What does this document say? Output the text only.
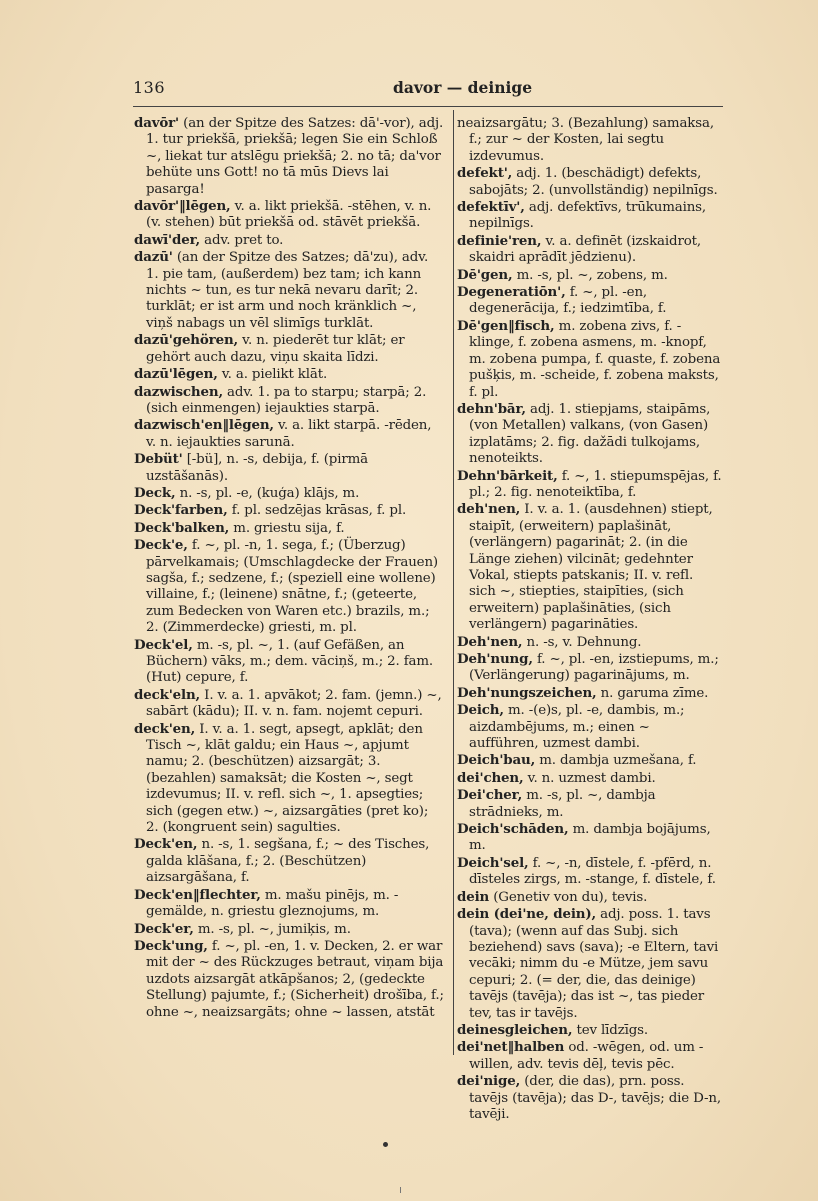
136	davor — deinige

davōr' (an der Spitze des Satzes: dā'-vor), adj. 1. tur priekšā, priekšā; legen Sie ein Schloß ~, liekat tur atslēgu priekšā; 2. no tā; da'vor behüte uns Gott! no tā mūs Dievs lai pasarga!

davōr'‖lēgen, v. a. likt priekšā. -stēhen, v. n. (v. stehen) būt priekšā od. stāvēt priekšā.

dawī'der, adv. pret to.

dazū' (an der Spitze des Satzes; dā'zu), adv. 1. pie tam, (außerdem) bez tam; ich kann nichts ~ tun, es tur nekā nevaru darīt; 2. turklāt; er ist arm und noch kränklich ~, viņš nabags un vēl slimīgs turklāt.

dazū'gehören, v. n. piederēt tur klāt; er gehört auch dazu, viņu skaita līdzi.

dazū'lēgen, v. a. pielikt klāt.

dazwischen, adv. 1. pa to starpu; starpā; 2. (sich einmengen) iejaukties starpā.

dazwisch'en‖lēgen, v. a. likt starpā. -rēden, v. n. iejaukties sarunā.

Debüt' [-bü], n. -s, debija, f. (pirmā uzstāšanās).

Deck, n. -s, pl. -e, (kuģa) klājs, m.

Deck'farben, f. pl. sedzējas krāsas, f. pl.

Deck'balken, m. griestu sija, f.

Deck'e, f. ~, pl. -n, 1. sega, f.; (Überzug) pārvelkamais; (Umschlagdecke der Frauen) sagša, f.; sedzene, f.; (speziell eine wollene) villaine, f.; (leinene) snātne, f.; (geteerte, zum Bedecken von Waren etc.) brazils, m.; 2. (Zimmerdecke) griesti, m. pl.

Deck'el, m. -s, pl. ~, 1. (auf Gefäßen, an Büchern) vāks, m.; dem. vāciņš, m.; 2. fam. (Hut) cepure, f.

deck'eln, I. v. a. 1. apvākot; 2. fam. (jemn.) ~, sabārt (kādu); II. v. n. fam. nojemt cepuri.

deck'en, I. v. a. 1. segt, apsegt, apklāt; den Tisch ~, klāt galdu; ein Haus ~, apjumt namu; 2. (beschützen) aizsargāt; 3. (bezahlen) samaksāt; die Kosten ~, segt izdevumus; II. v. refl. sich ~, 1. apsegties; sich (gegen etw.) ~, aizsargāties (pret ko); 2. (kongruent sein) sagulties.

Deck'en, n. -s, 1. segšana, f.; ~ des Tisches, galda klāšana, f.; 2. (Beschützen) aizsargāšana, f.

Deck'en‖flechter, m. mašu pinējs, m. -gemälde, n. griestu gleznojums, m.

Deck'er, m. -s, pl. ~, jumiķis, m.

Deck'ung, f. ~, pl. -en, 1. v. Decken, 2. er war mit der ~ des Rückzuges betraut, viņam bija uzdots aizsargāt atkāpšanos; 2, (gedeckte Stellung) pajumte, f.; (Sicherheit) drošība, f.; ohne ~, neaizsargāts; ohne ~ lassen, atstāt

neaizsargātu; 3. (Bezahlung) samaksa, f.; zur ~ der Kosten, lai segtu izdevumus.

defekt', adj. 1. (beschädigt) defekts, sabojāts; 2. (unvollständig) nepilnīgs.

defektīv', adj. defektīvs, trūkumains, nepilnīgs.

definie'ren, v. a. definēt (izskaidrot, skaidri aprādīt jēdzienu).

Dē'gen, m. -s, pl. ~, zobens, m.

Degeneratiōn', f. ~, pl. -en, degenerācija, f.; iedzimtība, f.

Dē'gen‖fisch, m. zobena zivs, f. -klinge, f. zobena asmens, m. -knopf, m. zobena pumpa, f. quaste, f. zobena pušķis, m. -scheide, f. zobena maksts, f. pl.

dehn'bār, adj. 1. stiepjams, staipāms, (von Metallen) valkans, (von Gasen) izplatāms; 2. fig. dažādi tulkojams, nenoteikts.

Dehn'bārkeit, f. ~, 1. stiepumspējas, f. pl.; 2. fig. nenoteiktība, f.

deh'nen, I. v. a. 1. (ausdehnen) stiept, staipīt, (erweitern) paplašināt, (verlängern) pagarināt; 2. (in die Länge ziehen) vilcināt; gedehnter Vokal, stiepts patskanis; II. v. refl. sich ~, stiepties, staipīties, (sich erweitern) paplašināties, (sich verlängern) pagarināties.

Deh'nen, n. -s, v. Dehnung.

Deh'nung, f. ~, pl. -en, izstiepums, m.; (Verlängerung) pagarinājums, m.

Deh'nungszeichen, n. garuma zīme.

Deich, m. -(e)s, pl. -e, dambis, m.; aizdambējums, m.; einen ~ aufführen, uzmest dambi.

Deich'bau, m. dambja uzmešana, f.

dei'chen, v. n. uzmest dambi.

Dei'cher, m. -s, pl. ~, dambja strādnieks, m.

Deich'schāden, m. dambja bojājums, m.

Deich'sel, f. ~, -n, dīstele, f. -pfērd, n. dīsteles zirgs, m. -stange, f. dīstele, f.

dein (Genetiv von du), tevis.

dein (dei'ne, dein), adj. poss. 1. tavs (tava); (wenn auf das Subj. sich beziehend) savs (sava); -e Eltern, tavi vecāki; nimm du -e Mütze, jem savu cepuri; 2. (= der, die, das deinige) tavējs (tavēja); das ist ~, tas pieder tev, tas ir tavējs.

deinesgleichen, tev līdzīgs.

dei'net‖halben od. -wēgen, od. um -willen, adv. tevis dēļ, tevis pēc.

dei'nige, (der, die das), prn. poss. tavējs (tavēja); das D-, tavējs; die D-n, tavēji.
